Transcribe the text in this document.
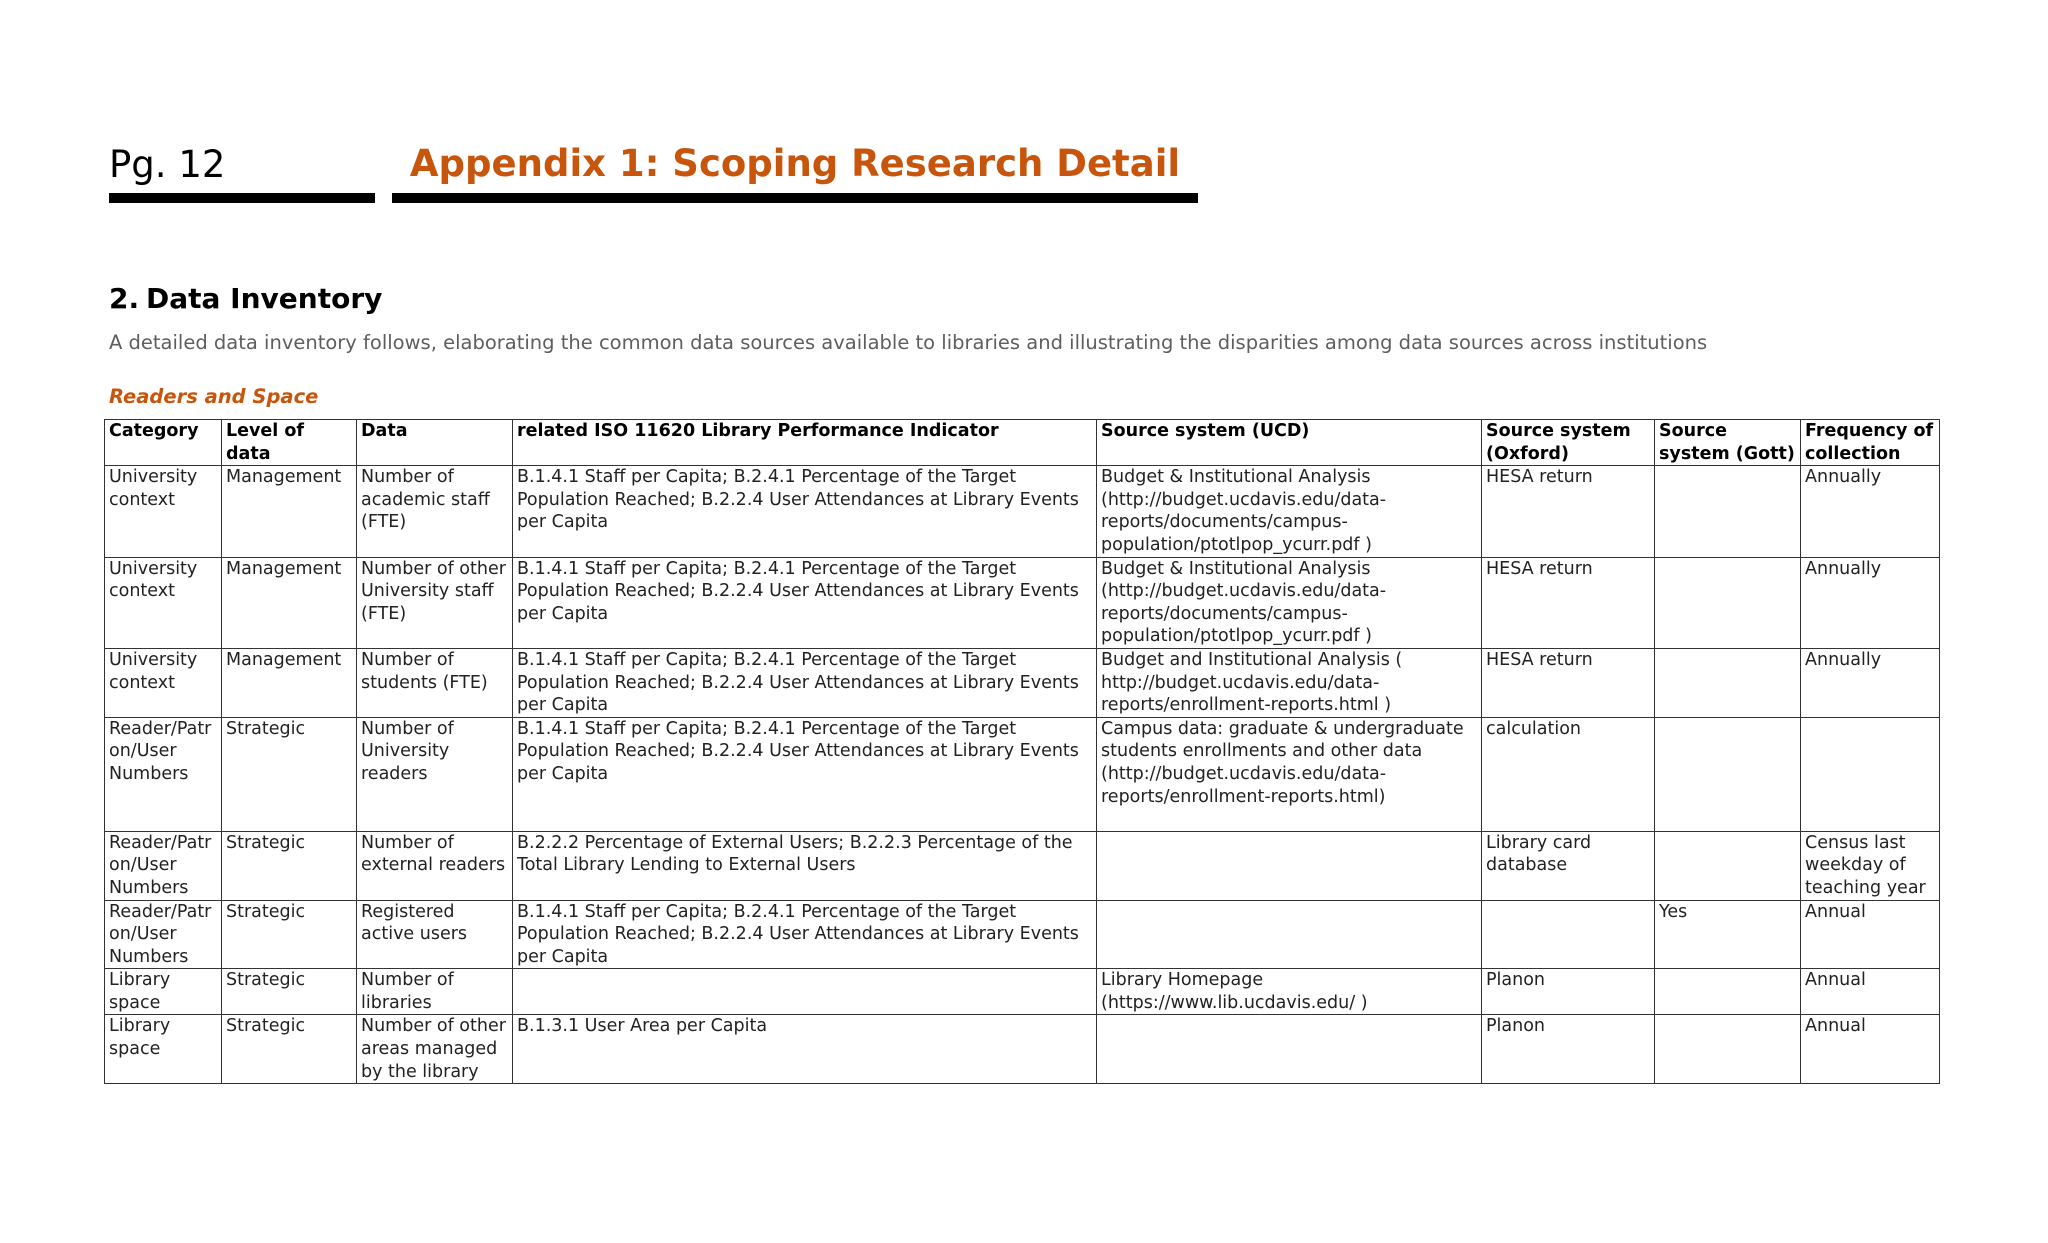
Pg. 12	Appendix 1: Scoping Research Detail
2. Data Inventory
A detailed data inventory follows, elaborating the common data sources available to libraries and illustrating the disparities among data sources across institutions
Readers and Space
Category	Level of data	Data	related ISO 11620 Library Performance Indicator	Source system (UCD)	Source system (Oxford)	Source system (Gott)	Frequency of collection
University context	Management	Number of academic staff (FTE)	B.1.4.1 Staff per Capita; B.2.4.1 Percentage of the Target Population Reached; B.2.2.4 User Attendances at Library Events per Capita	Budget & Institutional Analysis (http://budget.ucdavis.edu/data-reports/documents/campus-population/ptotlpop_ycurr.pdf )	HESA return		Annually
University context	Management	Number of other University staff (FTE)	B.1.4.1 Staff per Capita; B.2.4.1 Percentage of the Target Population Reached; B.2.2.4 User Attendances at Library Events per Capita	Budget & Institutional Analysis (http://budget.ucdavis.edu/data-reports/documents/campus-population/ptotlpop_ycurr.pdf )	HESA return		Annually
University context	Management	Number of students (FTE)	B.1.4.1 Staff per Capita; B.2.4.1 Percentage of the Target Population Reached; B.2.2.4 User Attendances at Library Events per Capita	Budget and Institutional Analysis ( http://budget.ucdavis.edu/data-reports/enrollment-reports.html )	HESA return		Annually
Reader/Patron/User Numbers	Strategic	Number of University readers	B.1.4.1 Staff per Capita; B.2.4.1 Percentage of the Target Population Reached; B.2.2.4 User Attendances at Library Events per Capita	Campus data: graduate & undergraduate students enrollments and other data (http://budget.ucdavis.edu/data-reports/enrollment-reports.html)	calculation		
Reader/Patron/User Numbers	Strategic	Number of external readers	B.2.2.2 Percentage of External Users; B.2.2.3 Percentage of the Total Library Lending to External Users		Library card database		Census last weekday of teaching year
Reader/Patron/User Numbers	Strategic	Registered active users	B.1.4.1 Staff per Capita; B.2.4.1 Percentage of the Target Population Reached; B.2.2.4 User Attendances at Library Events per Capita			Yes	Annual
Library space	Strategic	Number of libraries		Library Homepage (https://www.lib.ucdavis.edu/ )	Planon		Annual
Library space	Strategic	Number of other areas managed by the library	B.1.3.1 User Area per Capita		Planon		Annual
